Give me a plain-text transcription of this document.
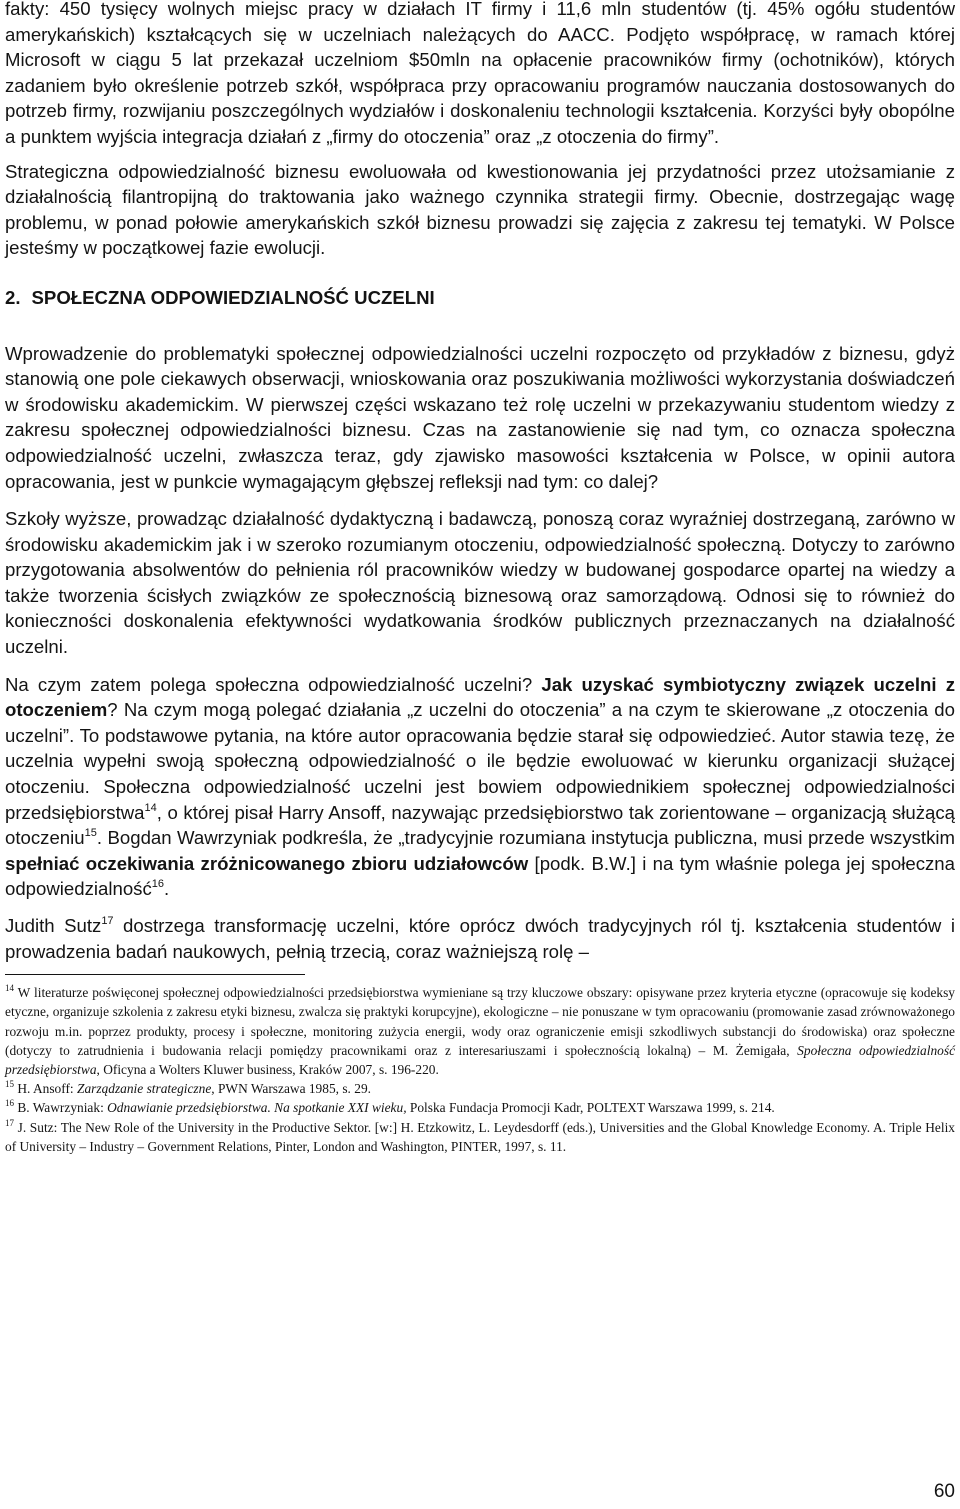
fakty: 450 tysięcy wolnych miejsc pracy w działach IT firmy i 11,6 mln studentów (tj. 45% ogółu studentów amerykańskich) kształcących się w uczelniach należących do AACC. Podjęto współpracę, w ramach której Microsoft w ciągu 5 lat przekazał uczelniom $50mln na opłacenie pracowników firmy (ochotników), których zadaniem było określenie potrzeb szkół, współpraca przy opracowaniu programów nauczania dostosowanych do potrzeb firmy, rozwijaniu poszczególnych wydziałów i doskonaleniu technologii kształcenia. Korzyści były obopólne a punktem wyjścia integracja działań z „firmy do otoczenia” oraz „z otoczenia do firmy”.

Strategiczna odpowiedzialność biznesu ewoluowała od kwestionowania jej przydatności przez utożsamianie z działalnością filantropijną do traktowania jako ważnego czynnika strategii firmy. Obecnie, dostrzegając wagę problemu, w ponad połowie amerykańskich szkół biznesu prowadzi się zajęcia z zakresu tej tematyki. W Polsce jesteśmy w początkowej fazie ewolucji.

2. SPOŁECZNA ODPOWIEDZIALNOŚĆ UCZELNI

Wprowadzenie do problematyki społecznej odpowiedzialności uczelni rozpoczęto od przykładów z biznesu, gdyż stanowią one pole ciekawych obserwacji, wnioskowania oraz poszukiwania możliwości wykorzystania doświadczeń w środowisku akademickim. W pierwszej części wskazano też rolę uczelni w przekazywaniu studentom wiedzy z zakresu społecznej odpowiedzialności biznesu. Czas na zastanowienie się nad tym, co oznacza społeczna odpowiedzialność uczelni, zwłaszcza teraz, gdy zjawisko masowości kształcenia w Polsce, w opinii autora opracowania, jest w punkcie wymagającym głębszej refleksji nad tym: co dalej?

Szkoły wyższe, prowadząc działalność dydaktyczną i badawczą, ponoszą coraz wyraźniej dostrzeganą, zarówno w środowisku akademickim jak i w szeroko rozumianym otoczeniu, odpowiedzialność społeczną. Dotyczy to zarówno przygotowania absolwentów do pełnienia ról pracowników wiedzy w budowanej gospodarce opartej na wiedzy a także tworzenia ścisłych związków ze społecznością biznesową oraz samorządową. Odnosi się to również do konieczności doskonalenia efektywności wydatkowania środków publicznych przeznaczanych na działalność uczelni.

Na czym zatem polega społeczna odpowiedzialność uczelni? Jak uzyskać symbiotyczny związek uczelni z otoczeniem? Na czym mogą polegać działania „z uczelni do otoczenia” a na czym te skierowane „z otoczenia do uczelni”. To podstawowe pytania, na które autor opracowania będzie starał się odpowiedzieć. Autor stawia tezę, że uczelnia wypełni swoją społeczną odpowiedzialność o ile będzie ewoluować w kierunku organizacji służącej otoczeniu. Społeczna odpowiedzialność uczelni jest bowiem odpowiednikiem społecznej odpowiedzialności przedsiębiorstwa$^{14}$, o której pisał Harry Ansoff, nazywając przedsiębiorstwo tak zorientowane – organizacją służącą otoczeniu$^{15}$. Bogdan Wawrzyniak podkreśla, że „tradycyjnie rozumiana instytucja publiczna, musi przede wszystkim spełniać oczekiwania zróżnicowanego zbioru udziałowców [podk. B.W.] i na tym właśnie polega jej społeczna odpowiedzialność$^{16}$.

Judith Sutz$^{17}$ dostrzega transformację uczelni, które oprócz dwóch tradycyjnych ról tj. kształcenia studentów i prowadzenia badań naukowych, pełnią trzecią, coraz ważniejszą rolę –

$^{14}$ W literaturze poświęconej społecznej odpowiedzialności przedsiębiorstwa wymieniane są trzy kluczowe obszary: opisywane przez kryteria etyczne (opracowuje się kodeksy etyczne, organizuje szkolenia z zakresu etyki biznesu, zwalcza się praktyki korupcyjne), ekologiczne – nie ponuszane w tym opracowaniu (promowanie zasad zrównoważonego rozwoju m.in. poprzez produkty, procesy i społeczne, monitoring zużycia energii, wody oraz ograniczenie emisji szkodliwych substancji do środowiska) oraz społeczne (dotyczy to zatrudnienia i budowania relacji pomiędzy pracownikami oraz z interesariuszami i społecznością lokalną) – M. Żemigała, Społeczna odpowiedzialność przedsiębiorstwa, Oficyna a Wolters Kluwer business, Kraków 2007, s. 196-220.

$^{15}$ H. Ansoff: Zarządzanie strategiczne, PWN Warszawa 1985, s. 29.

$^{16}$ B. Wawrzyniak: Odnawianie przedsiębiorstwa. Na spotkanie XXI wieku, Polska Fundacja Promocji Kadr, POLTEXT Warszawa 1999, s. 214.

$^{17}$ J. Sutz: The New Role of the University in the Productive Sektor. [w:] H. Etzkowitz, L. Leydesdorff (eds.), Universities and the Global Knowledge Economy. A. Triple Helix of University – Industry – Government Relations, Pinter, London and Washington, PINTER, 1997, s. 11.

60
